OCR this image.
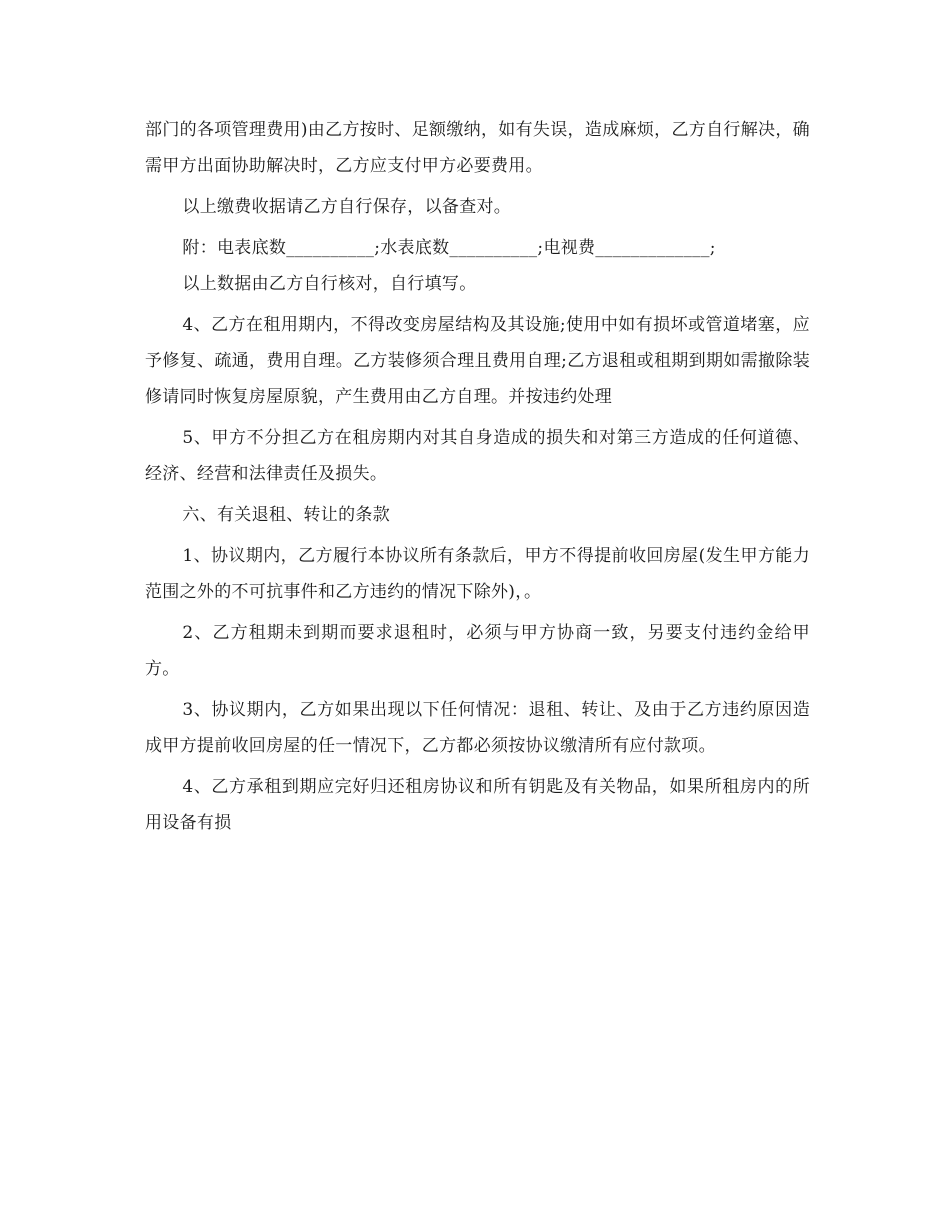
部门的各项管理费用)由乙方按时、足额缴纳，如有失误，造成麻烦，乙方自行解决，确需甲方出面协助解决时，乙方应支付甲方必要费用。

以上缴费收据请乙方自行保存，以备查对。

附：电表底数__________;水表底数__________;电视费_____________;

以上数据由乙方自行核对，自行填写。

4、乙方在租用期内，不得改变房屋结构及其设施;使用中如有损坏或管道堵塞，应予修复、疏通，费用自理。乙方装修须合理且费用自理;乙方退租或租期到期如需撤除装修请同时恢复房屋原貌，产生费用由乙方自理。并按违约处理

5、甲方不分担乙方在租房期内对其自身造成的损失和对第三方造成的任何道德、经济、经营和法律责任及损失。

六、有关退租、转让的条款

1、协议期内，乙方履行本协议所有条款后，甲方不得提前收回房屋(发生甲方能力范围之外的不可抗事件和乙方违约的情况下除外)，。

2、乙方租期未到期而要求退租时，必须与甲方协商一致，另要支付违约金给甲方。

3、协议期内，乙方如果出现以下任何情况：退租、转让、及由于乙方违约原因造成甲方提前收回房屋的任一情况下，乙方都必须按协议缴清所有应付款项。

4、乙方承租到期应完好归还租房协议和所有钥匙及有关物品，如果所租房内的所用设备有损
